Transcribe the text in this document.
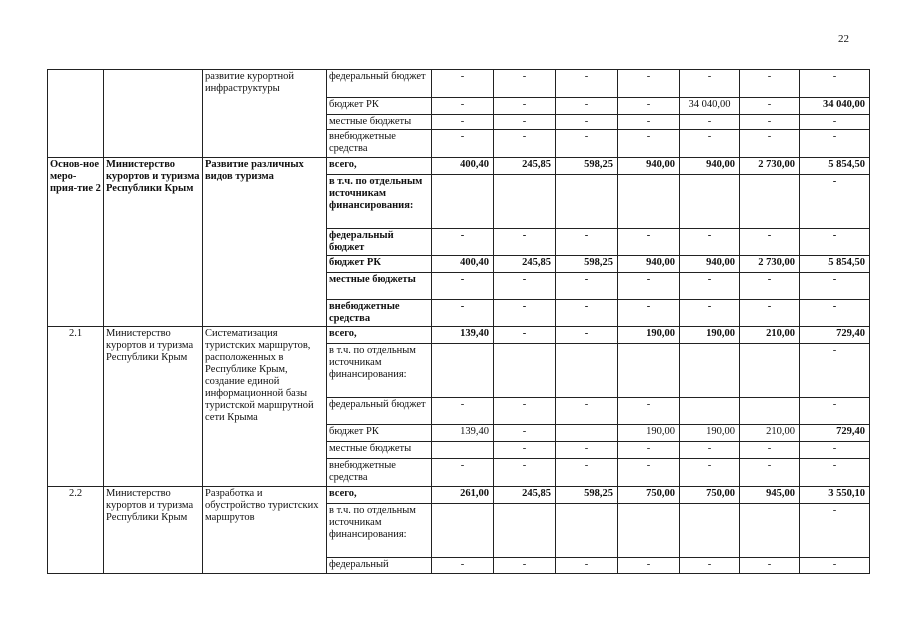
22
		развитие курортной инфраструктуры	федеральный бюджет	-	-	-	-	-	-	-
			бюджет РК	-	-	-	-	34 040,00	-	34 040,00
			местные бюджеты	-	-	-	-	-	-	-
			внебюджетные средства	-	-	-	-	-	-	-
Основ-ное меро-прия-тие 2	Министерство курортов и туризма Республики Крым	Развитие различных видов туризма	всего,	400,40	245,85	598,25	940,00	940,00	2 730,00	5 854,50
			в т.ч. по отдельным источникам финансирования:							-
			федеральный бюджет	-	-	-	-	-	-	-
			бюджет РК	400,40	245,85	598,25	940,00	940,00	2 730,00	5 854,50
			местные бюджеты	-	-	-	-	-	-	-
			внебюджетные средства	-	-	-	-	-	-	-
2.1	Министерство курортов и туризма Республики Крым	Систематизация туристских маршрутов, расположенных в Республике Крым, создание единой информационной базы туристской маршрутной сети Крыма	всего,	139,40	-	-	190,00	190,00	210,00	729,40
			в т.ч. по отдельным источникам финансирования:							-
			федеральный бюджет	-	-	-	-			-
			бюджет РК	139,40	-		190,00	190,00	210,00	729,40
			местные бюджеты		-	-	-	-	-	-
			внебюджетные средства	-	-	-	-	-	-	-
2.2	Министерство курортов и туризма Республики Крым	Разработка и обустройство туристских маршрутов	всего,	261,00	245,85	598,25	750,00	750,00	945,00	3 550,10
			в т.ч. по отдельным источникам финансирования:							-
			федеральный	-	-	-	-	-	-	-
